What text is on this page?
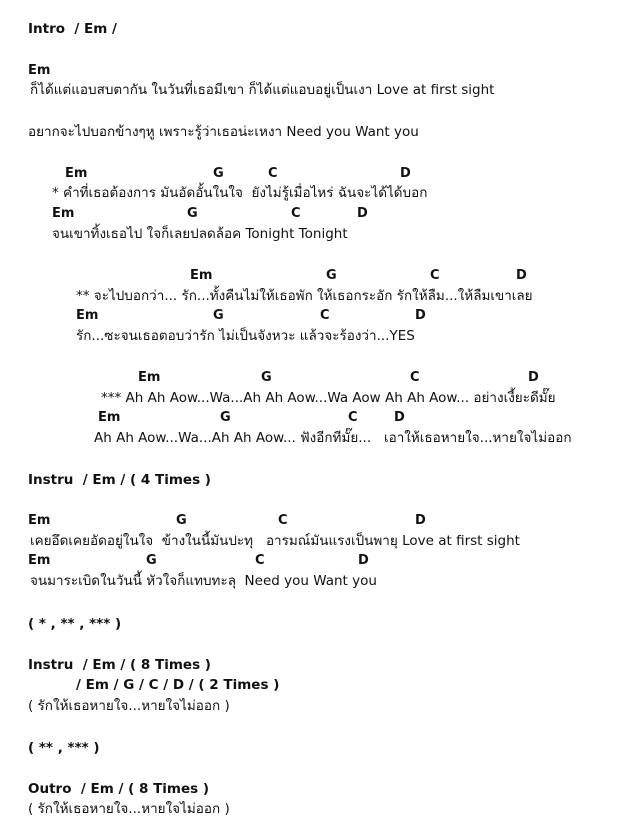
Intro  / Em /
Em
ก็ได้แต่แอบสบตากัน ในวันที่เธอมีเขา ก็ได้แต่แอบอยู่เป็นเงา Love at first sight
อยากจะไปบอกข้างๆหู เพราะรู้ว่าเธอน่ะเหงา Need you Want you
Em	G	C	D
* คำที่เธอต้องการ มันอัดอั้นในใจ  ยังไม่รู้เมื่อไหร่ ฉันจะได้ได้บอก
Em	G	C	D
จนเขาทิ้งเธอไป ใจก็เลยปลดล้อค Tonight Tonight
Em	G	C	D
** จะไปบอกว่า... รัก...ทั้งคืนไม่ให้เธอพัก ให้เธอกระอัก รักให้ลืม...ให้ลืมเขาเลย
Em	G	C	D
รัก...ซะจนเธอตอบว่ารัก ไม่เป็นจังหวะ แล้วจะร้องว่า...YES
Em	G	C	D
*** Ah Ah Aow...Wa...Ah Ah Aow...Wa Aow Ah Ah Aow... อย่างเงี้ยะดีมั๊ย
Em	G	C	D
Ah Ah Aow...Wa...Ah Ah Aow... ฟังอีกทีมั๊ย...   เอาให้เธอหายใจ...หายใจไม่ออก
Instru  / Em / ( 4 Times )
Em	G	C	D
เคยอึดเคยอัดอยู่ในใจ  ข้างในนี้มันปะทุ   อารมณ์มันแรงเป็นพายุ Love at first sight
Em	G	C	D
จนมาระเบิดในวันนี้ หัวใจก็แทบทะลุ  Need you Want you
( * , ** , *** )
Instru  / Em / ( 8 Times )
/ Em / G / C / D / ( 2 Times )
( รักให้เธอหายใจ...หายใจไม่ออก )
( ** , *** )
Outro  / Em / ( 8 Times )
( รักให้เธอหายใจ...หายใจไม่ออก )
